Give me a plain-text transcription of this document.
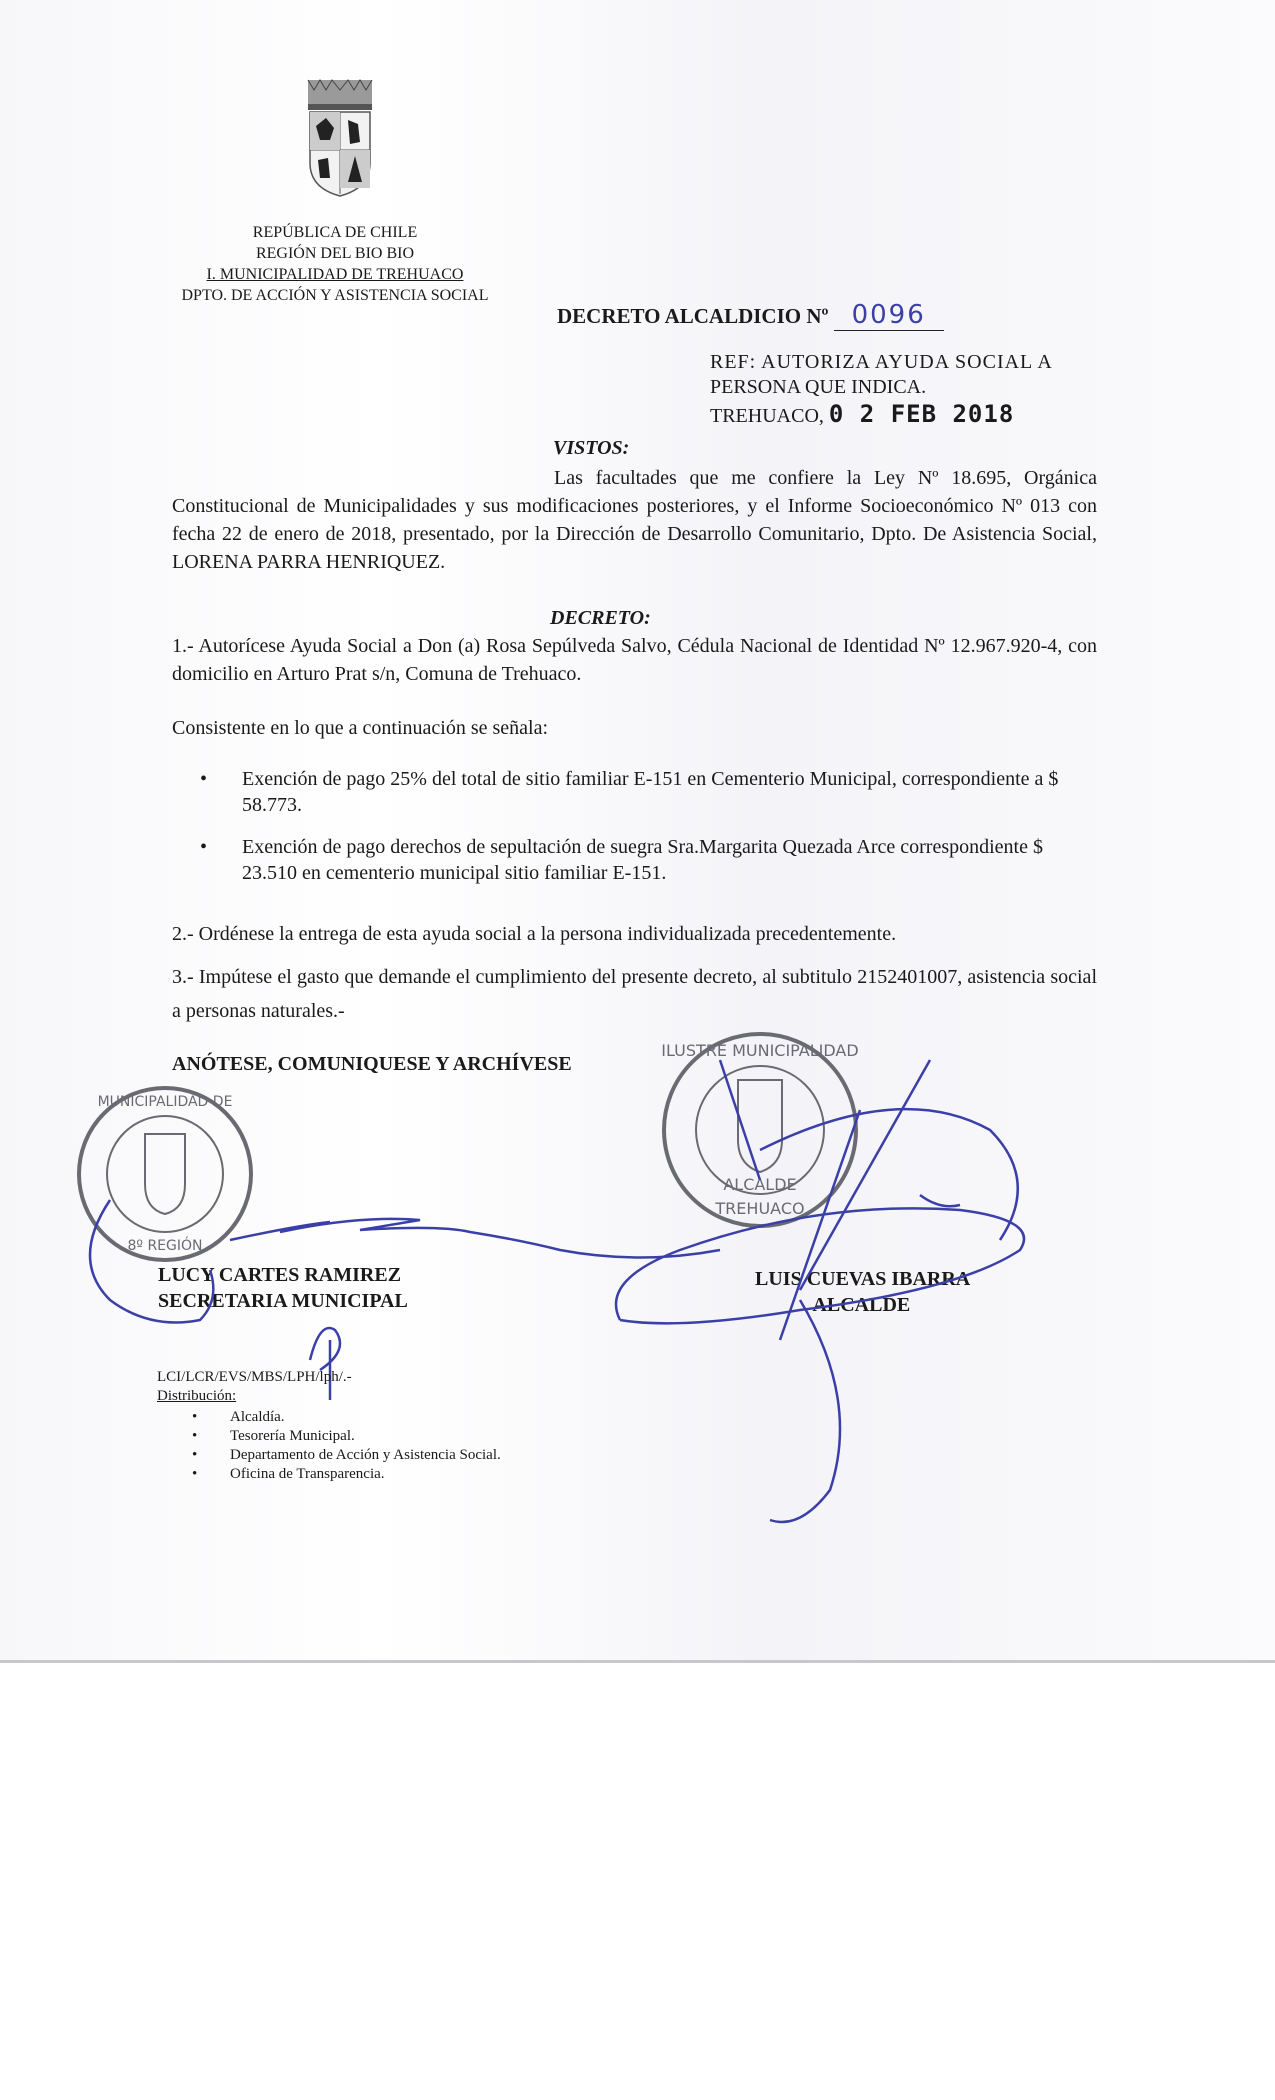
REPÚBLICA DE CHILE
REGIÓN DEL BIO BIO
I. MUNICIPALIDAD DE TREHUACO
DPTO. DE ACCIÓN Y ASISTENCIA SOCIAL
DECRETO ALCALDICIO Nº 0096
REF: AUTORIZA AYUDA SOCIAL A
PERSONA QUE INDICA.
TREHUACO, 0 2 FEB 2018
VISTOS:
Las facultades que me confiere la Ley Nº 18.695, Orgánica Constitucional de Municipalidades y sus modificaciones posteriores, y el Informe Socioeconómico Nº 013 con fecha 22 de enero de 2018, presentado, por la Dirección de Desarrollo Comunitario, Dpto. De Asistencia Social, LORENA PARRA HENRIQUEZ.
DECRETO:
1.- Autorícese Ayuda Social a Don (a) Rosa Sepúlveda Salvo, Cédula Nacional de Identidad Nº 12.967.920-4, con domicilio en Arturo Prat s/n, Comuna de Trehuaco.
Consistente en lo que a continuación se señala:
• Exención de pago 25% del total de sitio familiar E-151 en Cementerio Municipal, correspondiente a $ 58.773.
• Exención de pago derechos de sepultación de suegra Sra.Margarita Quezada Arce correspondiente $ 23.510 en cementerio municipal sitio familiar E-151.
2.- Ordénese la entrega de esta ayuda social a la persona individualizada precedentemente.
3.- Impútese el gasto que demande el cumplimiento del presente decreto, al subtitulo 2152401007, asistencia social a personas naturales.-
ANÓTESE, COMUNIQUESE Y ARCHÍVESE
MUNICIPALIDAD DE
8º REGIÓN
ILUSTRE MUNICIPALIDAD
ALCALDE
TREHUACO
LUCY CARTES RAMIREZ
SECRETARIA MUNICIPAL
LUIS CUEVAS IBARRA
ALCALDE
LCI/LCR/EVS/MBS/LPH/lph/.-
Distribución:
• Alcaldía.
• Tesorería Municipal.
• Departamento de Acción y Asistencia Social.
• Oficina de Transparencia.
